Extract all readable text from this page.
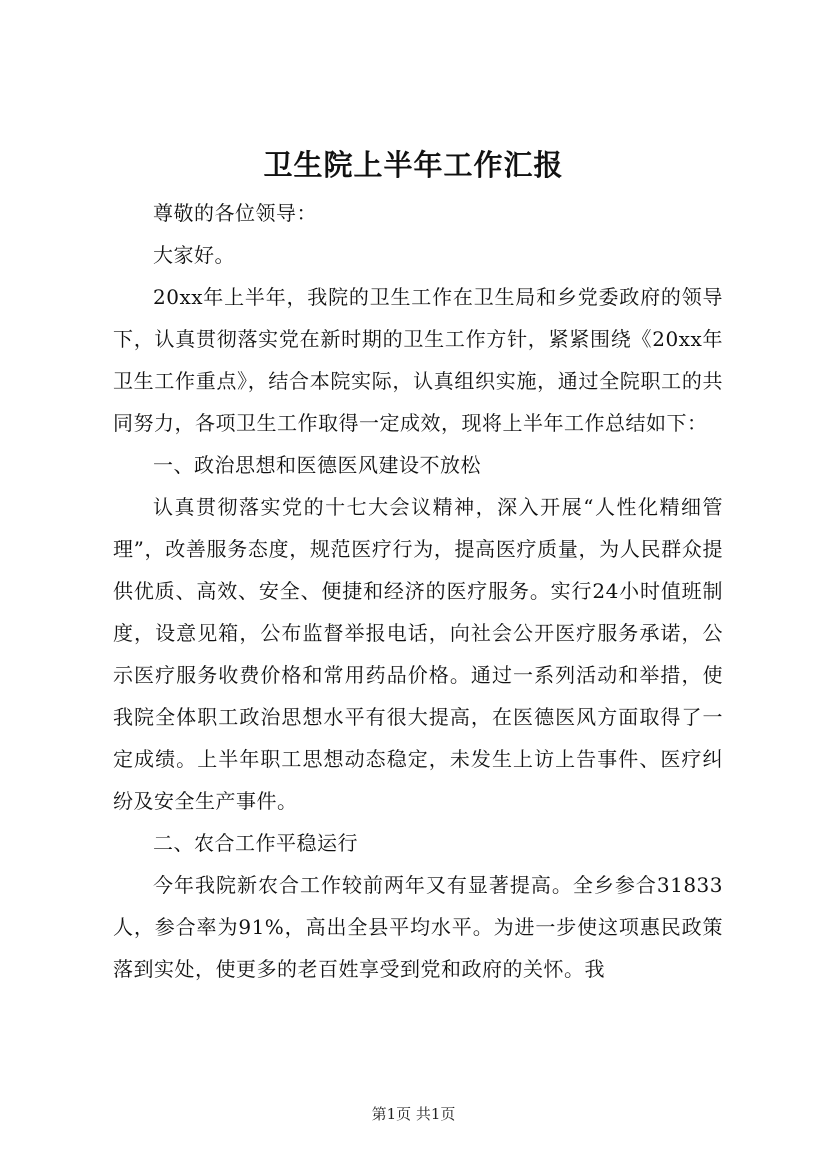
卫生院上半年工作汇报

尊敬的各位领导：

大家好。

20xx年上半年，我院的卫生工作在卫生局和乡党委政府的领导下，认真贯彻落实党在新时期的卫生工作方针，紧紧围绕《20xx年卫生工作重点》，结合本院实际，认真组织实施，通过全院职工的共同努力，各项卫生工作取得一定成效，现将上半年工作总结如下：

一、政治思想和医德医风建设不放松

认真贯彻落实党的十七大会议精神，深入开展“人性化精细管理”，改善服务态度，规范医疗行为，提高医疗质量，为人民群众提供优质、高效、安全、便捷和经济的医疗服务。实行24小时值班制度，设意见箱，公布监督举报电话，向社会公开医疗服务承诺，公示医疗服务收费价格和常用药品价格。通过一系列活动和举措，使我院全体职工政治思想水平有很大提高，在医德医风方面取得了一定成绩。上半年职工思想动态稳定，未发生上访上告事件、医疗纠纷及安全生产事件。

二、农合工作平稳运行

今年我院新农合工作较前两年又有显著提高。全乡参合31833人，参合率为91%，高出全县平均水平。为进一步使这项惠民政策落到实处，使更多的老百姓享受到党和政府的关怀。我

第1页 共1页
